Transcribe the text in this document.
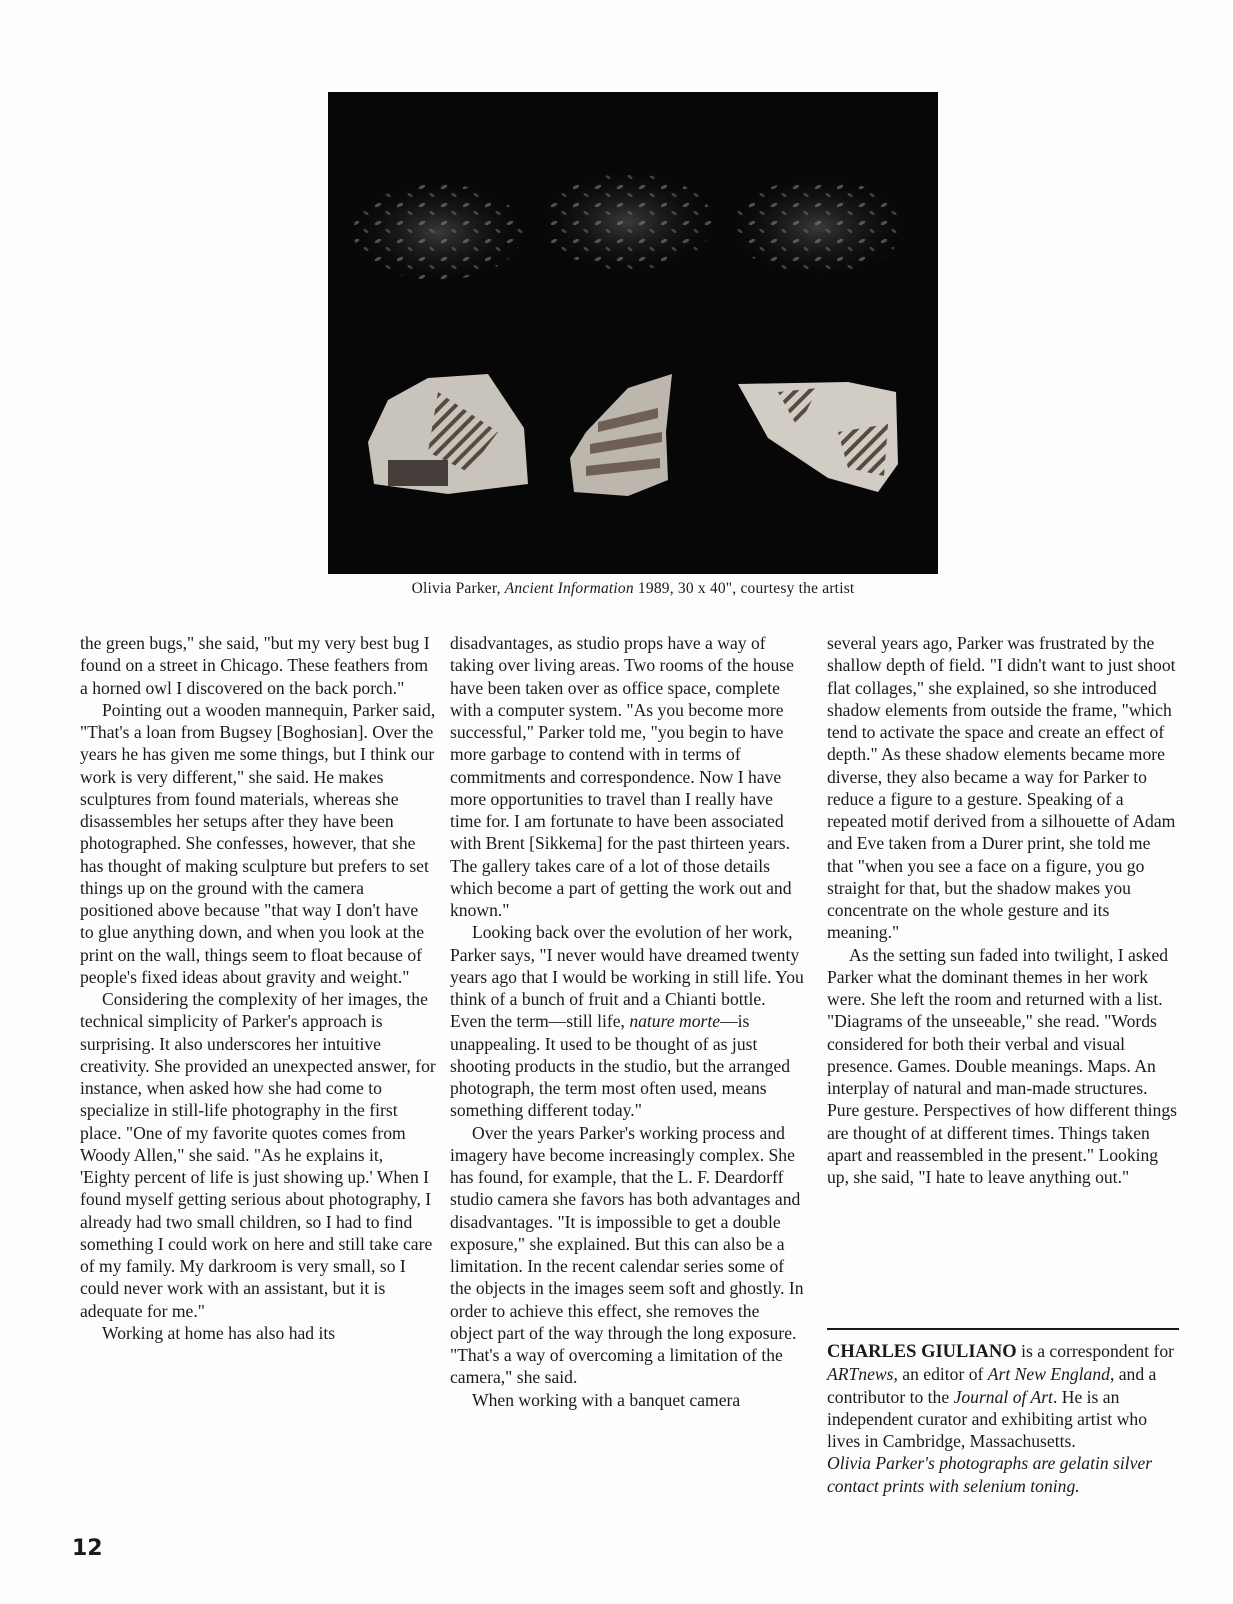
Olivia Parker, Ancient Information 1989, 30 x 40", courtesy the artist

the green bugs," she said, "but my very best bug I found on a street in Chicago. These feathers from a horned owl I discovered on the back porch."

Pointing out a wooden mannequin, Parker said, "That's a loan from Bugsey [Boghosian]. Over the years he has given me some things, but I think our work is very different," she said. He makes sculptures from found materials, whereas she disassembles her setups after they have been photographed. She confesses, however, that she has thought of making sculpture but prefers to set things up on the ground with the camera positioned above because "that way I don't have to glue anything down, and when you look at the print on the wall, things seem to float because of people's fixed ideas about gravity and weight."

Considering the complexity of her images, the technical simplicity of Parker's approach is surprising. It also underscores her intuitive creativity. She provided an unexpected answer, for instance, when asked how she had come to specialize in still-life photography in the first place. "One of my favorite quotes comes from Woody Allen," she said. "As he explains it, 'Eighty percent of life is just showing up.' When I found myself getting serious about photography, I already had two small children, so I had to find something I could work on here and still take care of my family. My darkroom is very small, so I could never work with an assistant, but it is adequate for me."

Working at home has also had its

disadvantages, as studio props have a way of taking over living areas. Two rooms of the house have been taken over as office space, complete with a computer system. "As you become more successful," Parker told me, "you begin to have more garbage to contend with in terms of commitments and correspondence. Now I have more opportunities to travel than I really have time for. I am fortunate to have been associated with Brent [Sikkema] for the past thirteen years. The gallery takes care of a lot of those details which become a part of getting the work out and known."

Looking back over the evolution of her work, Parker says, "I never would have dreamed twenty years ago that I would be working in still life. You think of a bunch of fruit and a Chianti bottle. Even the term—still life, nature morte—is unappealing. It used to be thought of as just shooting products in the studio, but the arranged photograph, the term most often used, means something different today."

Over the years Parker's working process and imagery have become increasingly complex. She has found, for example, that the L. F. Deardorff studio camera she favors has both advantages and disadvantages. "It is impossible to get a double exposure," she explained. But this can also be a limitation. In the recent calendar series some of the objects in the images seem soft and ghostly. In order to achieve this effect, she removes the object part of the way through the long exposure. "That's a way of overcoming a limitation of the camera," she said.

When working with a banquet camera

several years ago, Parker was frustrated by the shallow depth of field. "I didn't want to just shoot flat collages," she explained, so she introduced shadow elements from outside the frame, "which tend to activate the space and create an effect of depth." As these shadow elements became more diverse, they also became a way for Parker to reduce a figure to a gesture. Speaking of a repeated motif derived from a silhouette of Adam and Eve taken from a Durer print, she told me that "when you see a face on a figure, you go straight for that, but the shadow makes you concentrate on the whole gesture and its meaning."

As the setting sun faded into twilight, I asked Parker what the dominant themes in her work were. She left the room and returned with a list. "Diagrams of the unseeable," she read. "Words considered for both their verbal and visual presence. Games. Double meanings. Maps. An interplay of natural and man-made structures. Pure gesture. Perspectives of how different things are thought of at different times. Things taken apart and reassembled in the present." Looking up, she said, "I hate to leave anything out."

CHARLES GIULIANO is a correspondent for ARTnews, an editor of Art New England, and a contributor to the Journal of Art. He is an independent curator and exhibiting artist who lives in Cambridge, Massachusetts.

Olivia Parker's photographs are gelatin silver contact prints with selenium toning.

12
